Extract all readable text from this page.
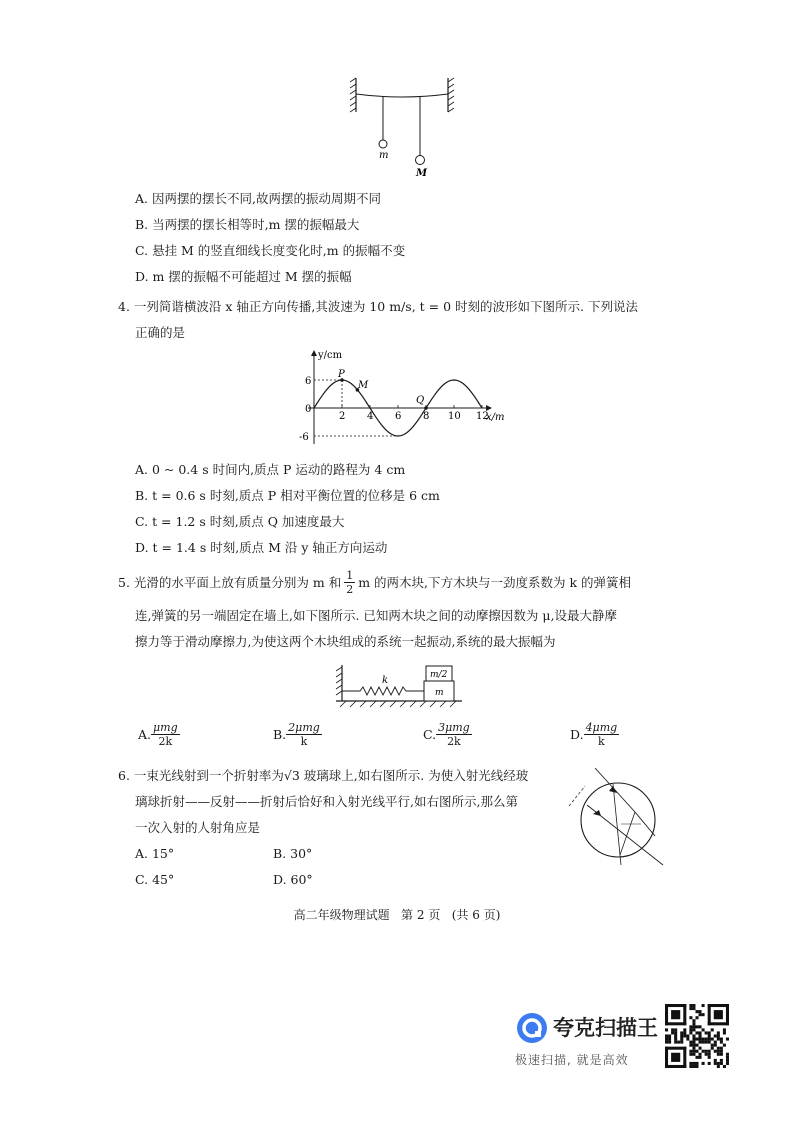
m
M
A. 因两摆的摆长不同,故两摆的振动周期不同
B. 当两摆的摆长相等时,m 摆的振幅最大
C. 悬挂 M 的竖直细线长度变化时,m 的振幅不变
D. m 摆的振幅不可能超过 M 摆的振幅
4. 一列简谐横波沿 x 轴正方向传播,其波速为 10 m/s, t = 0 时刻的波形如下图所示. 下列说法
正确的是
y/cm
x/m
6
0
-6
2 4 6 8 10 12
P
M
Q
A. 0 ~ 0.4 s 时间内,质点 P 运动的路程为 4 cm
B. t = 0.6 s 时刻,质点 P 相对平衡位置的位移是 6 cm
C. t = 1.2 s 时刻,质点 Q 加速度最大
D. t = 1.4 s 时刻,质点 M 沿 y 轴正方向运动
5. 光滑的水平面上放有质量分别为 m 和 $\frac{1}{2}$ m 的两木块,下方木块与一劲度系数为 k 的弹簧相
连,弹簧的另一端固定在墙上,如下图所示. 已知两木块之间的动摩擦因数为 μ,设最大静摩
擦力等于滑动摩擦力,为使这两个木块组成的系统一起振动,系统的最大振幅为
k	m/2
m
A. $\frac{\text{μmg}}{2k}$	B. $\frac{\text{2μmg}}{k}$	C. $\frac{\text{3μmg}}{2k}$	D. $\frac{\text{4μmg}}{k}$
6. 一束光线射到一个折射率为√3 玻璃球上,如右图所示. 为使入射光线经玻
璃球折射——反射——折射后恰好和入射光线平行,如右图所示,那么第
一次入射的人射角应是
A. 15°	B. 30°
C. 45°	D. 60°
高二年级物理试题   第 2 页   (共 6 页)
夸克扫描王
极速扫描, 就是高效
